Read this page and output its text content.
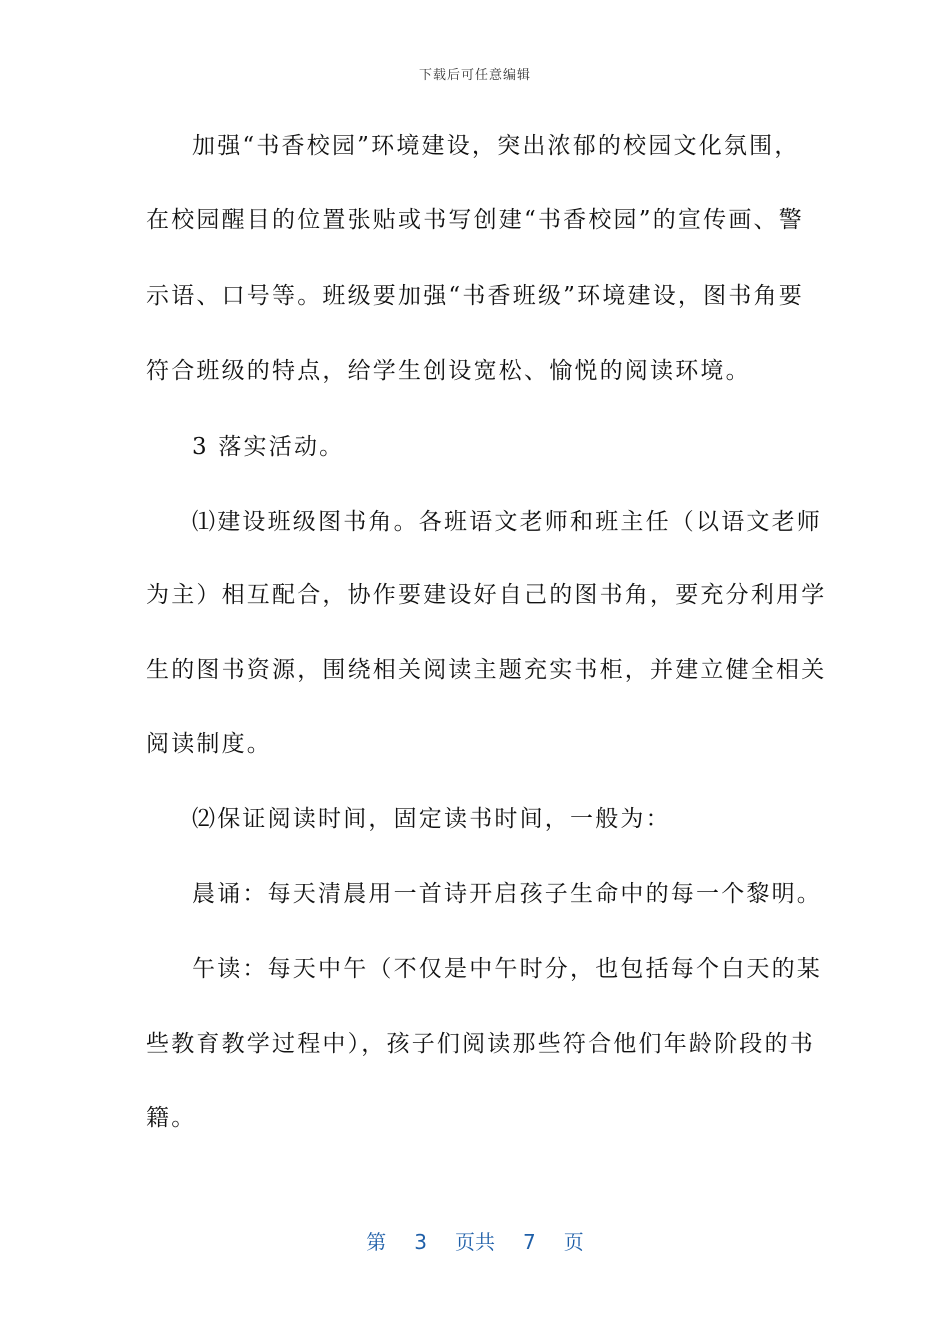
下载后可任意编辑
加强“书香校园”环境建设，突出浓郁的校园文化氛围，
在校园醒目的位置张贴或书写创建“书香校园”的宣传画、警
示语、口号等。班级要加强“书香班级”环境建设，图书角要
符合班级的特点，给学生创设宽松、愉悦的阅读环境。
3 落实活动。
⑴建设班级图书角。各班语文老师和班主任（以语文老师
为主）相互配合，协作要建设好自己的图书角，要充分利用学
生的图书资源，围绕相关阅读主题充实书柜，并建立健全相关
阅读制度。
⑵保证阅读时间，固定读书时间，一般为：
晨诵：每天清晨用一首诗开启孩子生命中的每一个黎明。
午读：每天中午（不仅是中午时分，也包括每个白天的某
些教育教学过程中），孩子们阅读那些符合他们年龄阶段的书
籍。
第 3 页共 7 页
